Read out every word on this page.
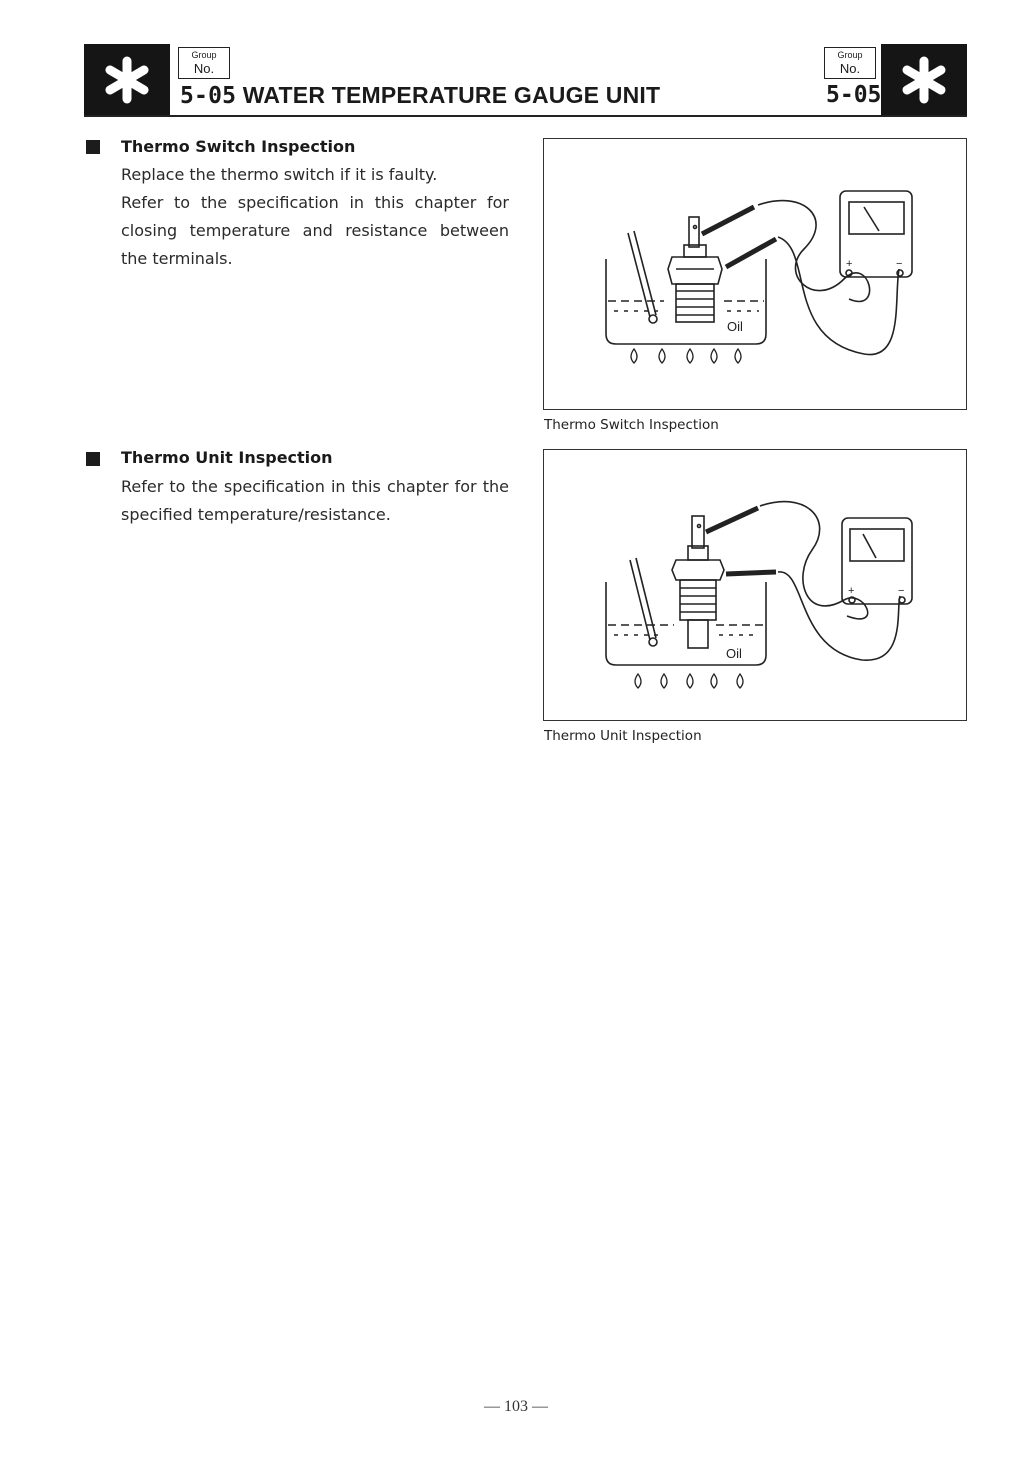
Group
No.
5-05 WATER TEMPERATURE GAUGE UNIT
Group
No.
5-05
Thermo Switch Inspection

Replace the thermo switch if it is faulty.

Refer to the specification in this chapter for closing temperature and resistance between the terminals.	+	−
Oil
Thermo Switch Inspection
Thermo Unit Inspection

Refer to the specification in this chapter for the specified temperature/resistance.

+	−
Oil
Thermo Unit Inspection
— 103 —
